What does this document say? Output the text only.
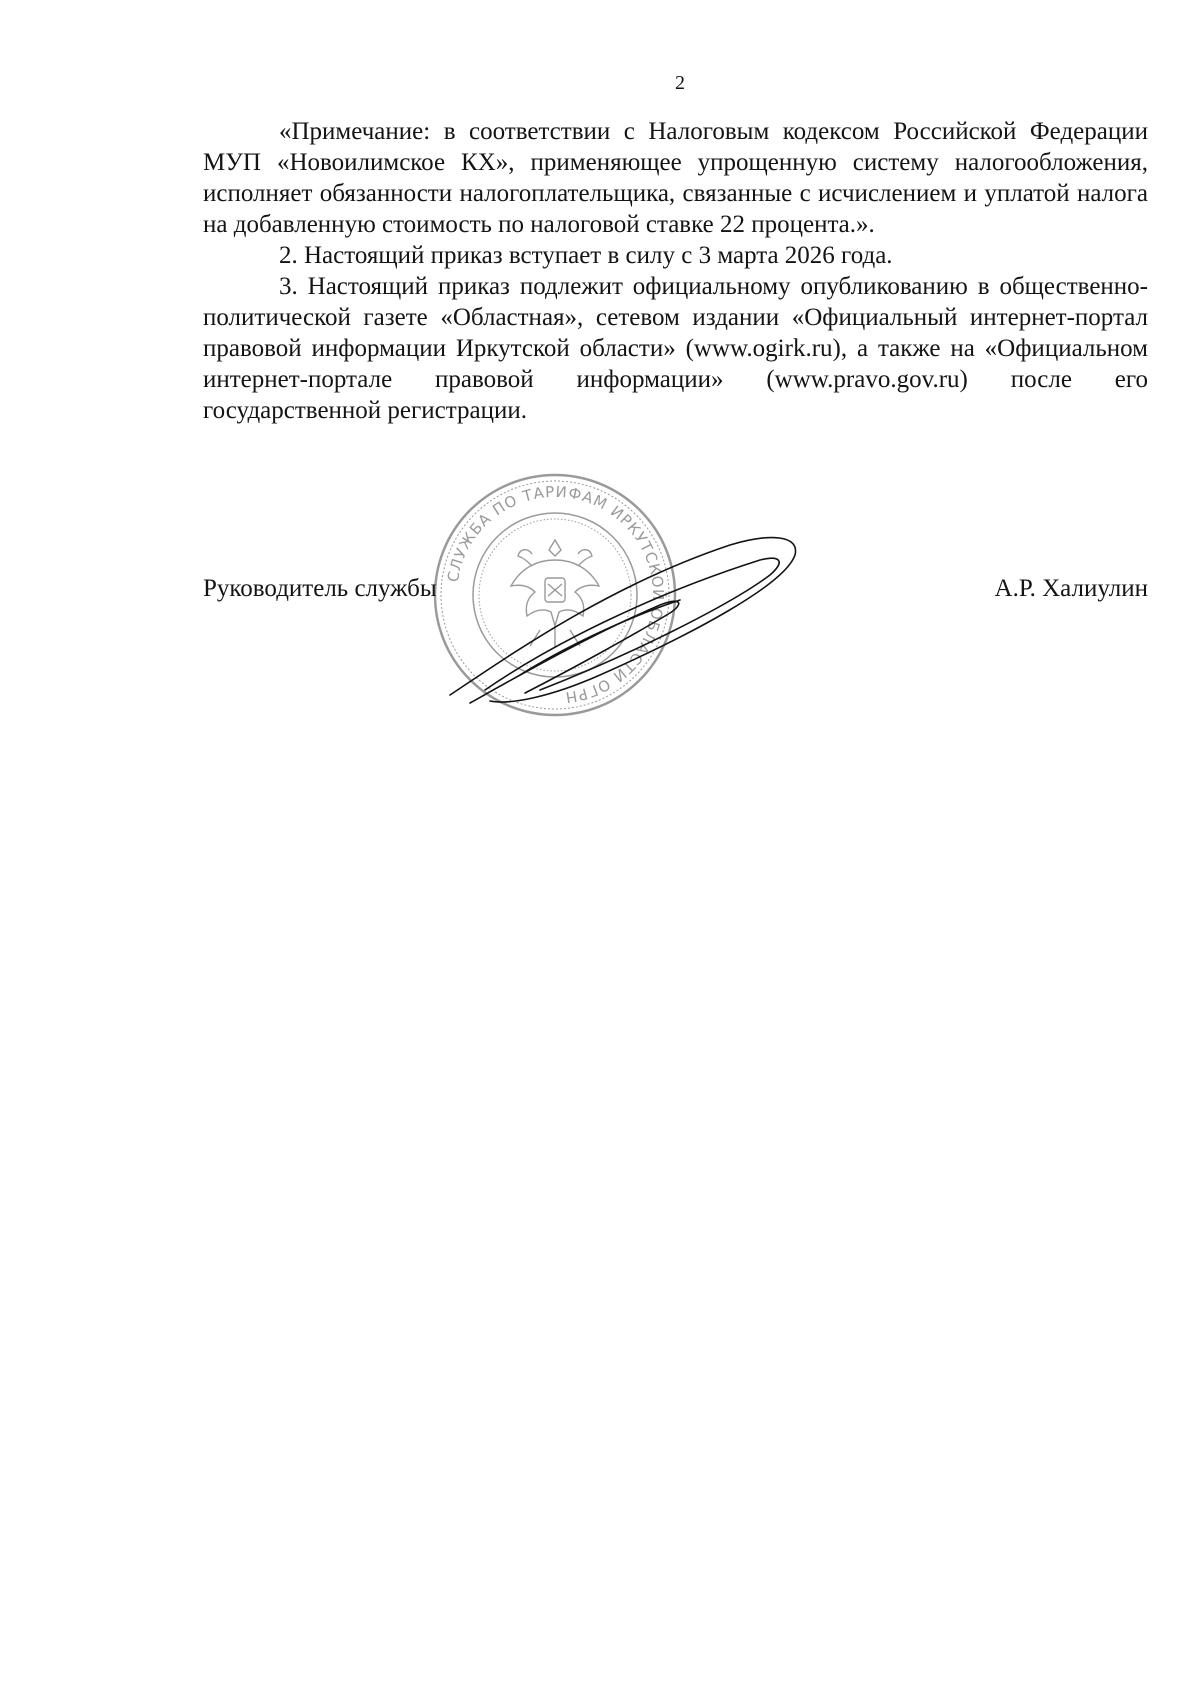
2

«Примечание: в соответствии с Налоговым кодексом Российской Федерации МУП «Новоилимское КХ», применяющее упрощенную систему налогообложения, исполняет обязанности налогоплательщика, связанные с исчислением и уплатой налога на добавленную стоимость по налоговой ставке 22 процента.».

2. Настоящий приказ вступает в силу с 3 марта 2026 года.

3. Настоящий приказ подлежит официальному опубликованию в общественно-политической газете «Областная», сетевом издании «Официальный интернет-портал правовой информации Иркутской области» (www.ogirk.ru), а также на «Официальном интернет-портале правовой информации» (www.pravo.gov.ru) после его государственной регистрации.

СЛУЖБА ПО ТАРИФАМ ИРКУТСКОЙ ОБЛАСТИ ОГРН
Руководитель службы	А.Р. Халиулин
